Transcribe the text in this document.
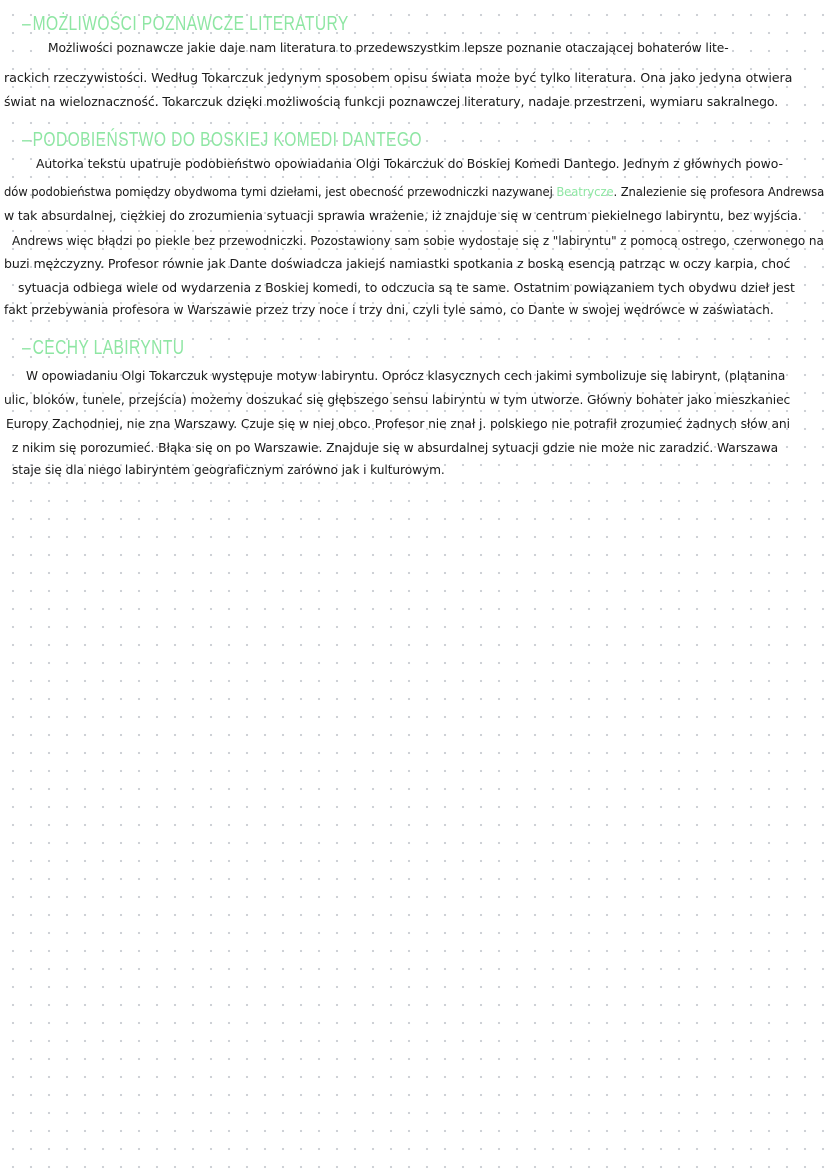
–MOŻLIWOŚCI POZNAWCZE LITERATURY
Możliwości poznawcze jakie daje nam literatura to przedewszystkim lepsze poznanie otaczającej bohaterów lite-
rackich rzeczywistości. Według Tokarczuk jedynym sposobem opisu świata może być tylko literatura. Ona jako jedyna otwiera
świat na wieloznaczność. Tokarczuk dzięki możliwością funkcji poznawczej literatury, nadaje przestrzeni, wymiaru sakralnego.
–PODOBIEŃSTWO DO BOSKIEJ KOMEDI DANTEGO
Autorka tekstu upatruje podobieństwo opowiadania Olgi Tokarczuk do Boskiej Komedi Dantego. Jednym z głównych powo-
dów podobieństwa pomiędzy obydwoma tymi dziełami, jest obecność przewodniczki nazywanej Beatrycze. Znalezienie się profesora Andrewsa
w tak absurdalnej, ciężkiej do zrozumienia sytuacji sprawia wrażenie, iż znajduje się w centrum piekielnego labiryntu, bez wyjścia.
Andrews więc błądzi po piekle bez przewodniczki. Pozostawiony sam sobie wydostaje się z "labiryntu" z pomocą ostrego, czerwonego na
buzi mężczyzny. Profesor równie jak Dante doświadcza jakiejś namiastki spotkania z boską esencją patrząc w oczy karpia, choć
sytuacja odbiega wiele od wydarzenia z Boskiej komedi, to odczucia są te same. Ostatnim powiązaniem tych obydwu dzieł jest
fakt przebywania profesora w Warszawie przez trzy noce i trzy dni, czyli tyle samo, co Dante w swojej wędrówce w zaświatach.
–CECHY LABIRYNTU
W opowiadaniu Olgi Tokarczuk występuje motyw labiryntu. Oprócz klasycznych cech jakimi symbolizuje się labirynt, (plątanina
ulic, bloków, tunele, przejścia) możemy doszukać się głębszego sensu labiryntu w tym utworze. Główny bohater jako mieszkaniec
Europy Zachodniej, nie zna Warszawy. Czuje się w niej obco. Profesor nie znał j. polskiego nie potrafił zrozumieć żadnych słów ani
z nikim się porozumieć. Błąka się on po Warszawie. Znajduje się w absurdalnej sytuacji gdzie nie może nic zaradzić. Warszawa
staje się dla niego labiryntem geograficznym zarówno jak i kulturowym.
